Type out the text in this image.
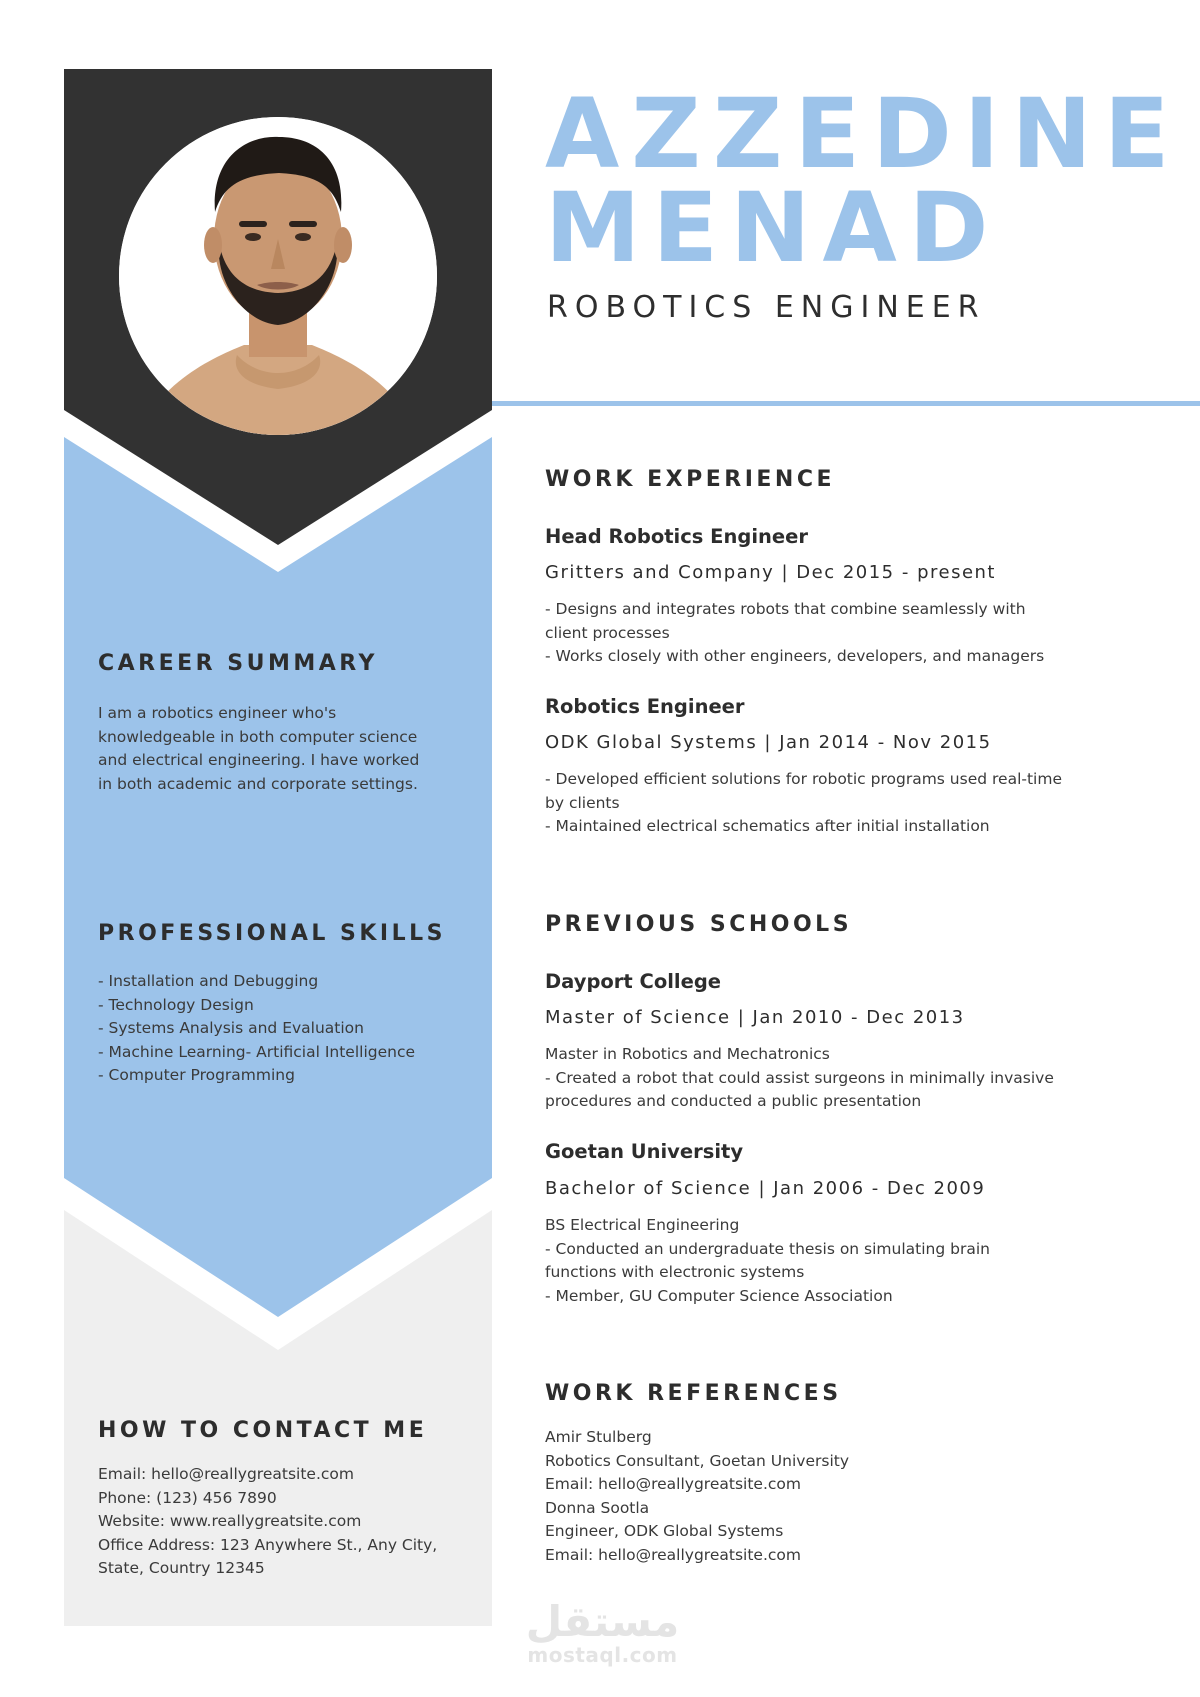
CAREER SUMMARY
I am a robotics engineer who's
knowledgeable in both computer science
and electrical engineering. I have worked
in both academic and corporate settings.
PROFESSIONAL SKILLS
- Installation and Debugging
- Technology Design
- Systems Analysis and Evaluation
- Machine Learning- Artificial Intelligence
- Computer Programming
HOW TO CONTACT ME
Email: hello@reallygreatsite.com
Phone: (123) 456 7890
Website: www.reallygreatsite.com
Office Address: 123 Anywhere St., Any City,
State, Country 12345
AZZEDINE
MENAD
ROBOTICS ENGINEER
WORK EXPERIENCE
Head Robotics Engineer
Gritters and Company | Dec 2015 - present
- Designs and integrates robots that combine seamlessly with
client processes
- Works closely with other engineers, developers, and managers
Robotics Engineer
ODK Global Systems | Jan 2014 - Nov 2015
- Developed efficient solutions for robotic programs used real-time
by clients
- Maintained electrical schematics after initial installation
PREVIOUS SCHOOLS
Dayport College
Master of Science | Jan 2010 - Dec 2013
Master in Robotics and Mechatronics
- Created a robot that could assist surgeons in minimally invasive
procedures and conducted a public presentation
Goetan University
Bachelor of Science | Jan 2006 - Dec 2009
BS Electrical Engineering
- Conducted an undergraduate thesis on simulating brain
functions with electronic systems
- Member, GU Computer Science Association
WORK REFERENCES
Amir Stulberg
Robotics Consultant, Goetan University
Email: hello@reallygreatsite.com
Donna Sootla
Engineer, ODK Global Systems
Email: hello@reallygreatsite.com
مستقل
mostaql.com
